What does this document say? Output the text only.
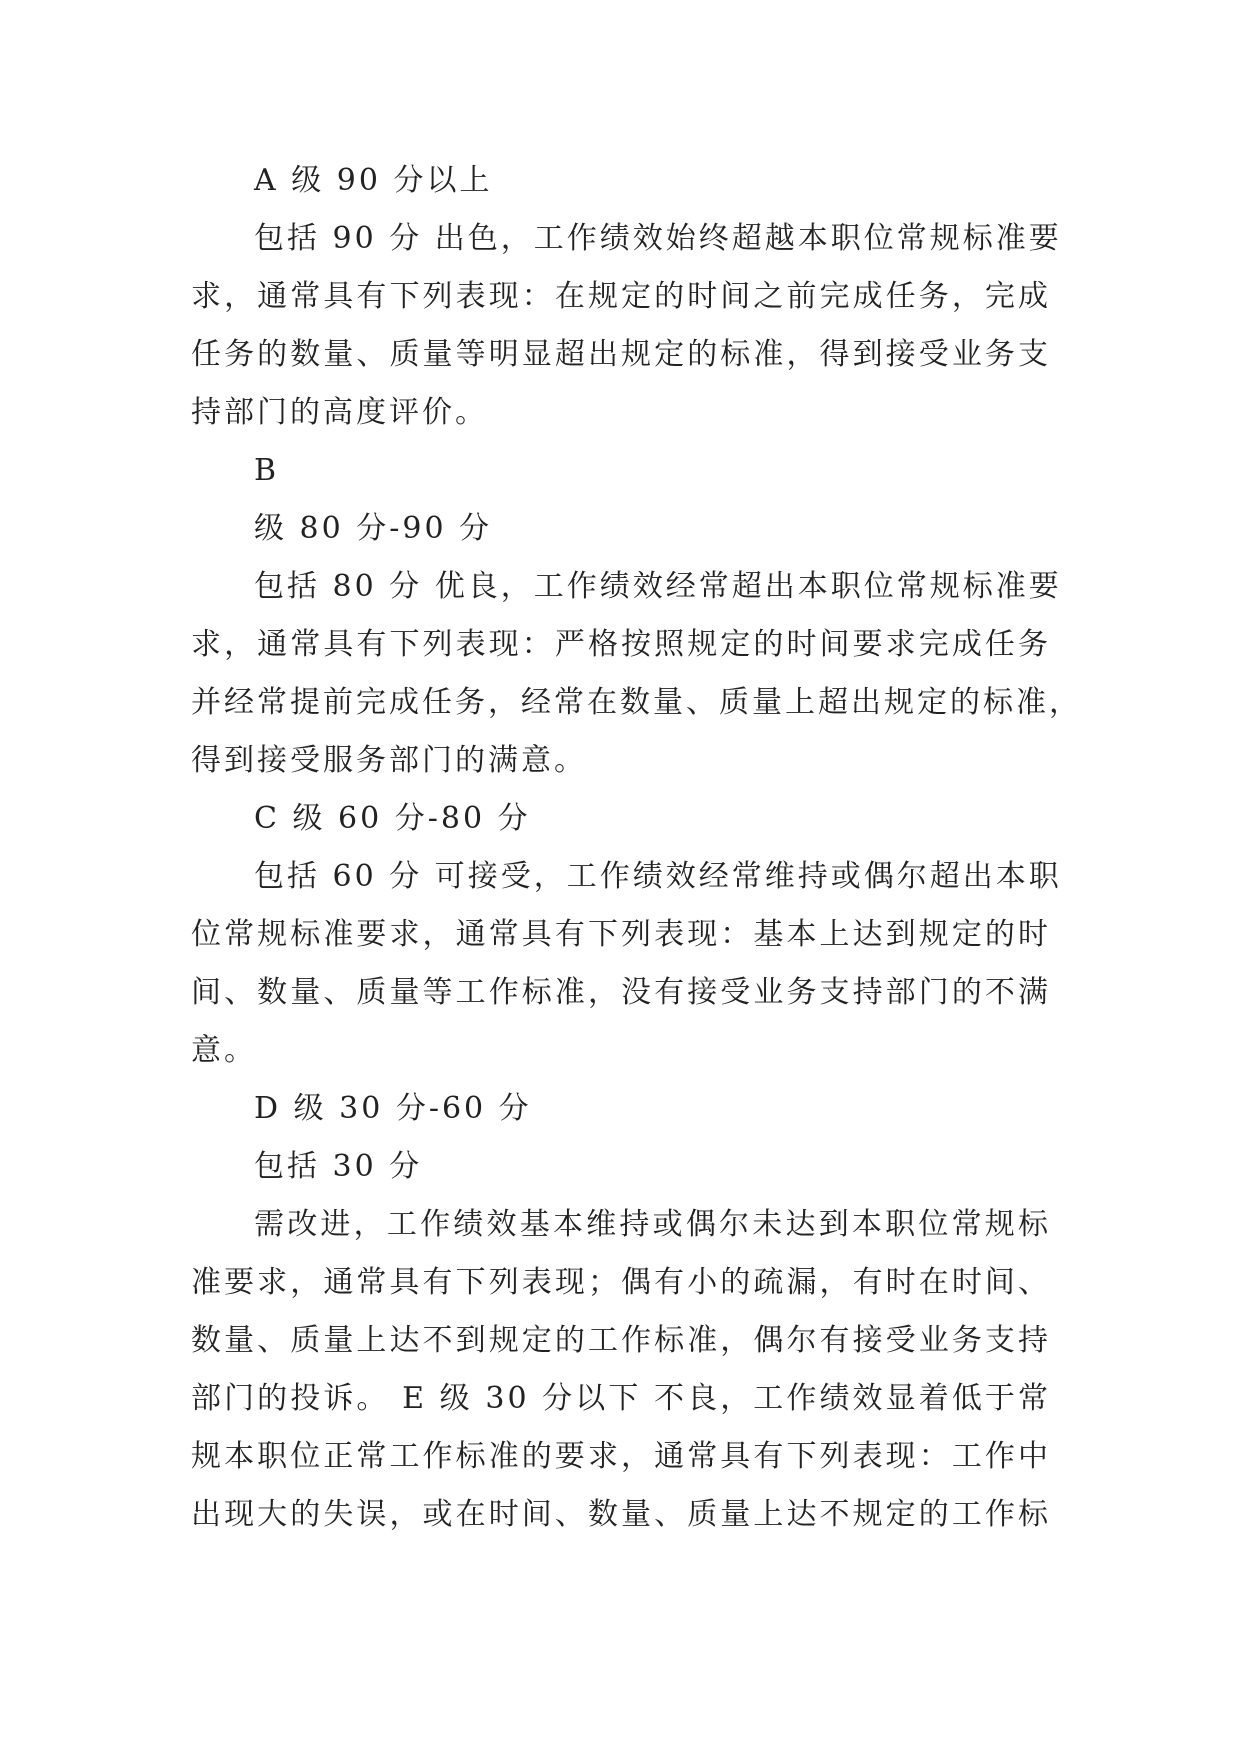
A 级 90 分以上
包括 90 分 出色，工作绩效始终超越本职位常规标准要
求，通常具有下列表现：在规定的时间之前完成任务，完成
任务的数量、质量等明显超出规定的标准，得到接受业务支
持部门的高度评价。
B
级 80 分-90 分
包括 80 分 优良，工作绩效经常超出本职位常规标准要
求，通常具有下列表现：严格按照规定的时间要求完成任务
并经常提前完成任务，经常在数量、质量上超出规定的标准，
得到接受服务部门的满意。
C 级 60 分-80 分
包括 60 分 可接受，工作绩效经常维持或偶尔超出本职
位常规标准要求，通常具有下列表现：基本上达到规定的时
间、数量、质量等工作标准，没有接受业务支持部门的不满
意。
D 级 30 分-60 分
包括 30 分
需改进，工作绩效基本维持或偶尔未达到本职位常规标
准要求，通常具有下列表现；偶有小的疏漏，有时在时间、
数量、质量上达不到规定的工作标准，偶尔有接受业务支持
部门的投诉。 E 级 30 分以下 不良，工作绩效显着低于常
规本职位正常工作标准的要求，通常具有下列表现：工作中
出现大的失误，或在时间、数量、质量上达不规定的工作标
